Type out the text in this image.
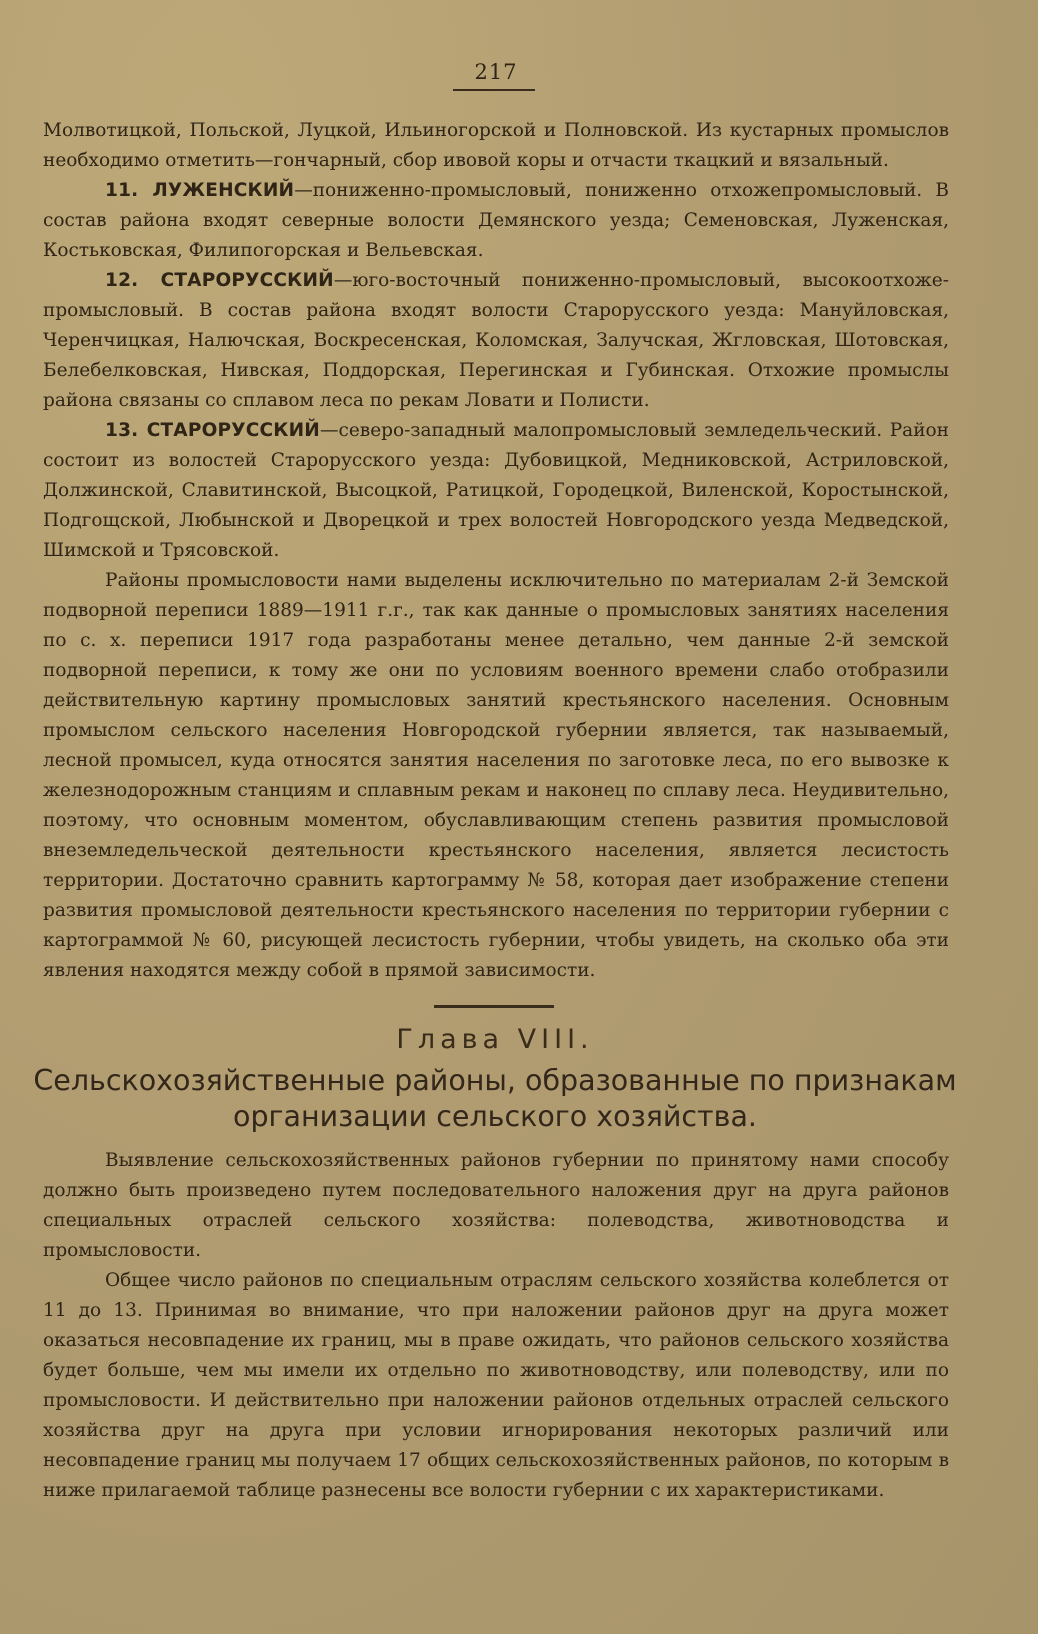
217

Молвотицкой, Польской, Луцкой, Ильиногорской и Полновской. Из кустарных промыслов необходимо отметить—гончарный, сбор ивовой коры и отчасти ткацкий и вязальный.

11. ЛУЖЕНСКИЙ—пониженно-промысловый, пониженно отхожепромысловый. В состав района входят северные волости Демянского уезда; Семеновская, Луженская, Костьковская, Филипогорская и Вельевская.

12. СТАРОРУССКИЙ—юго-восточный пониженно-промысловый, высокоотхоже-промысловый. В состав района входят волости Старорусского уезда: Мануйловская, Черенчицкая, Налючская, Воскресенская, Коломская, Залучская, Жгловская, Шотовская, Белебелковская, Нивская, Поддорская, Перегинская и Губинская. Отхожие промыслы района связаны со сплавом леса по рекам Ловати и Полисти.

13. СТАРОРУССКИЙ—северо-западный малопромысловый земледельческий. Район состоит из волостей Старорусского уезда: Дубовицкой, Медниковской, Астриловской, Должинской, Славитинской, Высоцкой, Ратицкой, Городецкой, Виленской, Коростынской, Подгощской, Любынской и Дворецкой и трех волостей Новгородского уезда Медведской, Шимской и Трясовской.

Районы промысловости нами выделены исключительно по материалам 2-й Земской подворной переписи 1889—1911 г.г., так как данные о промысловых занятиях населения по с. х. переписи 1917 года разработаны менее детально, чем данные 2-й земской подворной переписи, к тому же они по условиям военного времени слабо отобразили действительную картину промысловых занятий крестьянского населения. Основным промыслом сельского населения Новгородской губернии является, так называемый, лесной промысел, куда относятся занятия населения по заготовке леса, по его вывозке к железнодорожным станциям и сплавным рекам и наконец по сплаву леса. Неудивительно, поэтому, что основным моментом, обуславливающим степень развития промысловой внеземледельческой деятельности крестьянского населения, является лесистость территории. Достаточно сравнить картограмму № 58, которая дает изображение степени развития промысловой деятельности крестьянского населения по территории губернии с картограммой № 60, рисующей лесистость губернии, чтобы увидеть, на сколько оба эти явления находятся между собой в прямой зависимости.

Глава VIII.
Сельскохозяйственные районы, образованные по признакам организации сельского хозяйства.

Выявление сельскохозяйственных районов губернии по принятому нами способу должно быть произведено путем последовательного наложения друг на друга районов специальных отраслей сельского хозяйства: полеводства, животноводства и промысловости.

Общее число районов по специальным отраслям сельского хозяйства колеблется от 11 до 13. Принимая во внимание, что при наложении районов друг на друга может оказаться несовпадение их границ, мы в праве ожидать, что районов сельского хозяйства будет больше, чем мы имели их отдельно по животноводству, или полеводству, или по промысловости. И действительно при наложении районов отдельных отраслей сельского хозяйства друг на друга при условии игнорирования некоторых различий или несовпадение границ мы получаем 17 общих сельскохозяйственных районов, по которым в ниже прилагаемой таблице разнесены все волости губернии с их характеристиками.
